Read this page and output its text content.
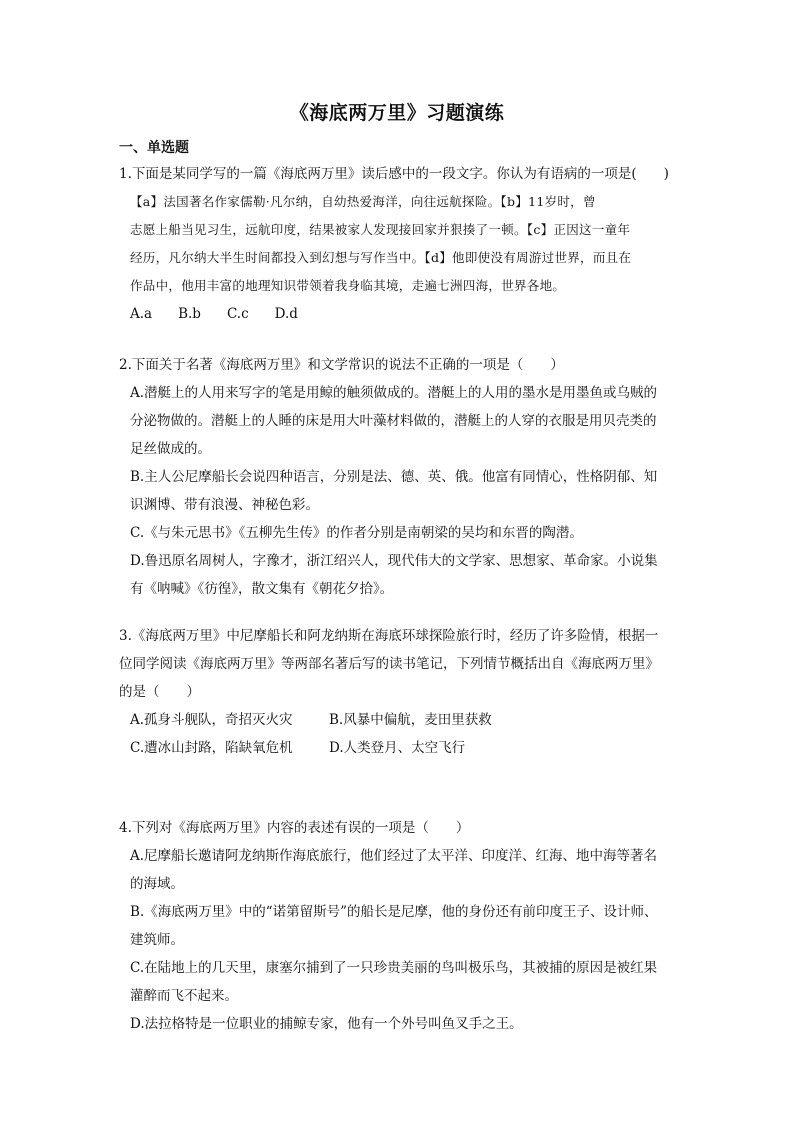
《海底两万里》习题演练
一、单选题

1.下面是某同学写的一篇《海底两万里》读后感中的一段文字。你认为有语病的一项是(　　)

【a】法国著名作家儒勒·凡尔纳，自幼热爱海洋，向往远航探险。【b】11岁时，曾

志愿上船当见习生，远航印度，结果被家人发现接回家并狠揍了一顿。【c】正因这一童年

经历，凡尔纳大半生时间都投入到幻想与写作当中。【d】他即使没有周游过世界，而且在

作品中，他用丰富的地理知识带领着我身临其境，走遍七洲四海，世界各地。

A.a B.b C.c D.d

2.下面关于名著《海底两万里》和文学常识的说法不正确的一项是（　　）

A.潜艇上的人用来写字的笔是用鲸的触须做成的。潜艇上的人用的墨水是用墨鱼或乌贼的

分泌物做的。潜艇上的人睡的床是用大叶藻材料做的，潜艇上的人穿的衣服是用贝壳类的

足丝做成的。

B.主人公尼摩船长会说四种语言，分别是法、德、英、俄。他富有同情心，性格阴郁、知

识渊博、带有浪漫、神秘色彩。

C.《与朱元思书》《五柳先生传》的作者分别是南朝梁的吴均和东晋的陶潜。

D.鲁迅原名周树人，字豫才，浙江绍兴人，现代伟大的文学家、思想家、革命家。小说集

有《呐喊》《彷徨》，散文集有《朝花夕拾》。

3.《海底两万里》中尼摩船长和阿龙纳斯在海底环球探险旅行时，经历了许多险情，根据一

位同学阅读《海底两万里》等两部名著后写的读书笔记，下列情节概括出自《海底两万里》

的是（　　）

A.孤身斗舰队，奇招灭火灾	B.风暴中偏航，麦田里获救

C.遭冰山封路，陷缺氧危机	D.人类登月、太空飞行

4.下列对《海底两万里》内容的表述有误的一项是（　　）

A.尼摩船长邀请阿龙纳斯作海底旅行，他们经过了太平洋、印度洋、红海、地中海等著名

的海域。

B.《海底两万里》中的“诺第留斯号”的船长是尼摩，他的身份还有前印度王子、设计师、

建筑师。

C.在陆地上的几天里，康塞尔捕到了一只珍贵美丽的鸟叫极乐鸟，其被捕的原因是被红果

灌醉而飞不起来。

D.法拉格特是一位职业的捕鲸专家，他有一个外号叫鱼叉手之王。
